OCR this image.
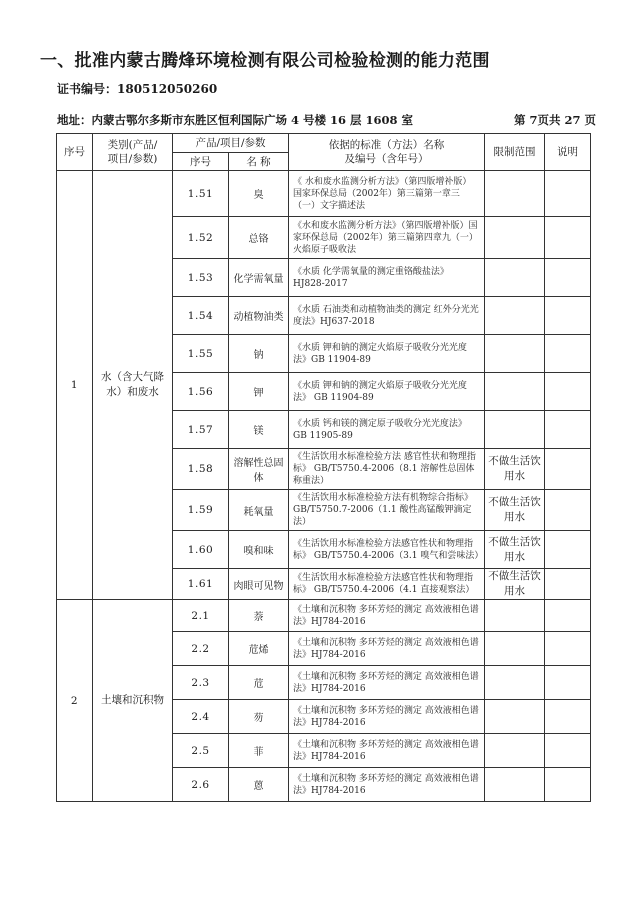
一、批准内蒙古腾烽环境检测有限公司检验检测的能力范围
证书编号：180512050260
地址：内蒙古鄂尔多斯市东胜区恒利国际广场 4 号楼 16 层 1608 室	第 7页共 27 页
序号	类别(产品/
项目/参数)	产品/项目/参数		依据的标准（方法）名称
及编号（含年号）	限制范围	说明
		序号	名 称			
1	水（含大气降水）和废水	1.51	臭	《 水和废水监测分析方法》（第四版增补版）国家环保总局（2002年）第三篇第一章三（一）文字描述法		
		1.52	总铬	《水和废水监测分析方法》（第四版增补版）国家环保总局（2002年）第三篇第四章九（一）火焰原子吸收法		
		1.53	化学需氧量	《水质 化学需氧量的测定重铬酸盐法》HJ828-2017		
		1.54	动植物油类	《水质 石油类和动植物油类的测定 红外分光光度法》HJ637-2018		
		1.55	钠	《水质 钾和钠的测定火焰原子吸收分光光度法》GB 11904-89		
		1.56	钾	《水质 钾和钠的测定火焰原子吸收分光光度法》 GB 11904-89		
		1.57	镁	《水质 钙和镁的测定原子吸收分光光度法》GB 11905-89		
		1.58	溶解性总固体	《生活饮用水标准检验方法 感官性状和物理指标》 GB/T5750.4-2006（8.1 溶解性总固体称重法）	不做生活饮用水	
		1.59	耗氧量	《生活饮用水标准检验方法有机物综合指标》GB/T5750.7-2006（1.1 酸性高锰酸钾滴定法）	不做生活饮用水	
		1.60	嗅和味	《生活饮用水标准检验方法感官性状和物理指标》 GB/T5750.4-2006（3.1 嗅气和尝味法）	不做生活饮用水	
		1.61	肉眼可见物	《生活饮用水标准检验方法感官性状和物理指标》 GB/T5750.4-2006（4.1 直接观察法）	不做生活饮用水	
2	土壤和沉积物	2.1	萘	《土壤和沉积物 多环芳烃的测定 高效液相色谱法》HJ784-2016		
		2.2	苊烯	《土壤和沉积物 多环芳烃的测定 高效液相色谱法》HJ784-2016		
		2.3	苊	《土壤和沉积物 多环芳烃的测定 高效液相色谱法》HJ784-2016		
		2.4	芴	《土壤和沉积物 多环芳烃的测定 高效液相色谱法》HJ784-2016		
		2.5	菲	《土壤和沉积物 多环芳烃的测定 高效液相色谱法》HJ784-2016		
		2.6	蒽	《土壤和沉积物 多环芳烃的测定 高效液相色谱法》HJ784-2016		
